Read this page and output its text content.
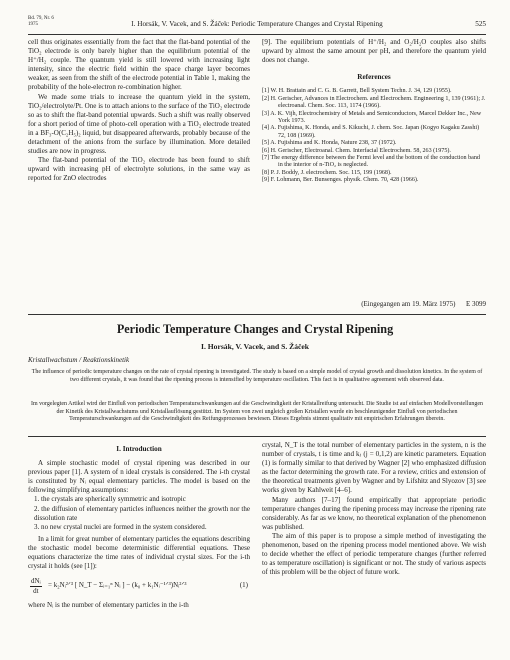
Bd. 79, Nr. 6
1975	I. Horsák, V. Vacek, and S. Žáček: Periodic Temperature Changes and Crystal Ripening	525

cell thus originates essentially from the fact that the flat-band potential of the TiO₂ electrode is only barely higher than the equilibrium potential of the H⁺/H₂ couple. The quantum yield is still lowered with increasing light intensity, since the electric field within the space charge layer becomes weaker, as seen from the shift of the electrode potential in Table 1, making the probability of the hole-electron re-combination higher.

We made some trials to increase the quantum yield in the system, TiO₂/electrolyte/Pt. One is to attach anions to the surface of the TiO₂ electrode so as to shift the flat-band potential upwards. Such a shift was really observed for a short period of time of photo-cell operation with a TiO₂ electrode treated in a BF₃-O(C₂H₅)₂ liquid, but disappeared afterwards, probably because of the detachment of the anions from the surface by illumination. More detailed studies are now in progress.

The flat-band potential of the TiO₂ electrode has been found to shift upward with increasing pH of electrolyte solutions, in the same way as reported for ZnO electrodes

[9]. The equilibrium potentials of H⁺/H₂ and O₂/H₂O couples also shifts upward by almost the same amount per pH, and therefore the quantum yield does not change.

References

[1] W. H. Brattain and C. G. B. Garrett, Bell System Techn. J. 34, 129 (1955).

[2] H. Gerischer, Advances in Electrochem. and Electrochem. Engineering 1, 139 (1961); J. electroanal. Chem. Soc. 113, 1174 (1966).

[3] A. K. Vijh, Electrochemistry of Metals and Semiconductors, Marcel Dekker Inc., New York 1973.

[4] A. Fujishima, K. Honda, and S. Kikuchi, J. chem. Soc. Japan (Kogyo Kagaku Zasshi) 72, 108 (1969).

[5] A. Fujishima and K. Honda, Nature 238, 37 (1972).

[6] H. Gerischer, Electroanal. Chem. Interfacial Electrochem. 58, 263 (1975).

[7] The energy difference between the Fermi level and the bottom of the conduction band in the interior of n-TiO₂ is neglected.

[8] P. J. Boddy, J. electrochem. Soc. 115, 199 (1968).

[9] F. Lohmann, Ber. Bunsenges. physik. Chem. 70, 428 (1966).

(Eingegangen am 19. März 1975)      E 3099
Periodic Temperature Changes and Crystal Ripening
I. Horsák, V. Vacek, and S. Žáček
Kristallwachstum / Reaktionskinetik
The influence of periodic temperature changes on the rate of crystal ripening is investigated. The study is based on a simple model of crystal growth and dissolution kinetics. In the system of two different crystals, it was found that the ripening process is intensified by temperature oscillation. This fact is in qualitative agreement with observed data.
Im vorgelegten Artikel wird der Einfluß von periodischen Temperaturschwankungen auf die Geschwindigkeit der Kristallreifung untersucht. Die Studie ist auf einfachen Modellvorstellungen der Kinetik des Kristallwachstums und Kristallauflösung gestützt. Im System von zwei ungleich großen Kristallen wurde ein beschleunigender Einfluß von periodischen Temperaturschwankungen auf die Geschwindigkeit des Reifungsprozesses bewiesen. Dieses Ergebnis stimmt qualitativ mit empirischen Erfahrungen überein.
I. Introduction

A simple stochastic model of crystal ripening was described in our previous paper [1]. A system of n ideal crystals is considered. The i-th crystal is constituted by Nᵢ equal elementary particles. The model is based on the following simplifying assumptions:

1. the crystals are spherically symmetric and isotropic

2. the diffusion of elementary particles influences neither the growth nor the dissolution rate

3. no new crystal nuclei are formed in the system considered.

In a limit for great number of elementary particles the equations describing the stochastic model become deterministic differential equations. These equations characterize the time rates of individual crystal sizes. For the i-th crystal it holds (see [1]):

$\frac{\text{dNᵢ}}{dt}$ = k₂Nᵢ²ᐟ³ [ N_T − Σᵢ₌₁ⁿ Nᵢ ] − (k₀ + k₁Nᵢ⁻¹ᐟ³)Nᵢ²ᐟ³	(1)

where Nᵢ is the number of elementary particles in the i-th

crystal, N_T is the total number of elementary particles in the system, n is the number of crystals, t is time and kⱼ (j = 0,1,2) are kinetic parameters. Equation (1) is formally similar to that derived by Wagner [2] who emphasized diffusion as the factor determining the growth rate. For a review, critics and extension of the theoretical treatments given by Wagner and by Lifshitz and Slyozov [3] see works given by Kahlweit [4–6].

Many authors [7–17] found empirically that appropriate periodic temperature changes during the ripening process may increase the ripening rate considerably. As far as we know, no theoretical explanation of the phenomenon was published.

The aim of this paper is to propose a simple method of investigating the phenomenon, based on the ripening process model mentioned above. We wish to decide whether the effect of periodic temperature changes (further referred to as temperature oscillation) is significant or not. The study of various aspects of this problem will be the object of future work.
